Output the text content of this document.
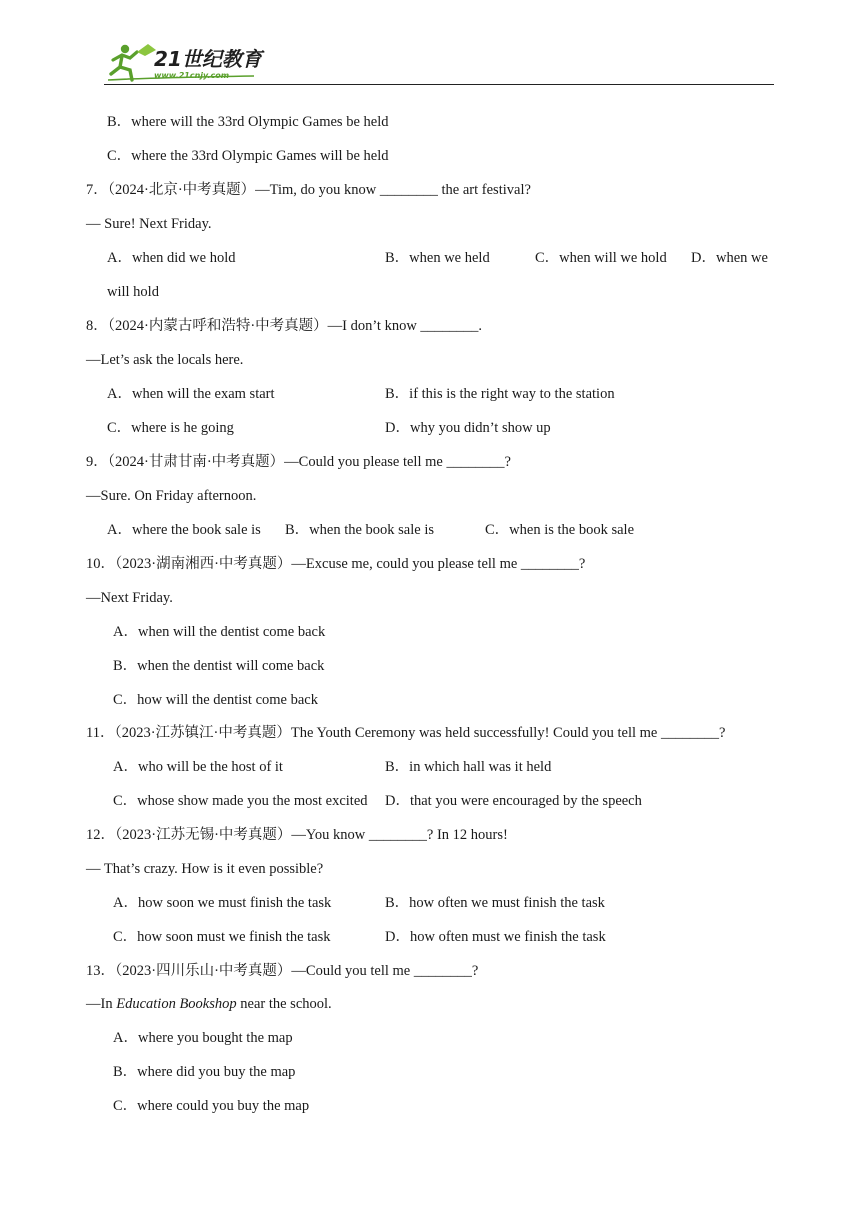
21世纪教育
www.21cnjy.com
B．where will the 33rd Olympic Games be held
C．where the 33rd Olympic Games will be held
7．（2024·北京·中考真题）—Tim, do you know ________ the art festival?
— Sure! Next Friday.
A．when did we hold	B．when we held	C．when will we hold D．when we
will hold
8．（2024·内蒙古呼和浩特·中考真题）—I don’t know ________.
—Let’s ask the locals here.
A．when will the exam start	B．if this is the right way to the station
C．where is he going	D．why you didn’t show up
9．（2024·甘肃甘南·中考真题）—Could you please tell me ________?
—Sure. On Friday afternoon.
A．where the book sale is B．when the book sale is	C．when is the book sale
10．（2023·湖南湘西·中考真题）—Excuse me, could you please tell me ________?
—Next Friday.
A．when will the dentist come back
B．when the dentist will come back
C．how will the dentist come back
11．（2023·江苏镇江·中考真题）The Youth Ceremony was held successfully! Could you tell me ________?
A．who will be the host of it	B．in which hall was it held
C．whose show made you the most excited D．that you were encouraged by the speech
12．（2023·江苏无锡·中考真题）—You know ________? In 12 hours!
— That’s crazy. How is it even possible?
A．how soon we must finish the task	B．how often we must finish the task
C．how soon must we finish the task	D．how often must we finish the task
13．（2023·四川乐山·中考真题）—Could you tell me ________?
—In Education Bookshop near the school.
A．where you bought the map
B．where did you buy the map
C．where could you buy the map
